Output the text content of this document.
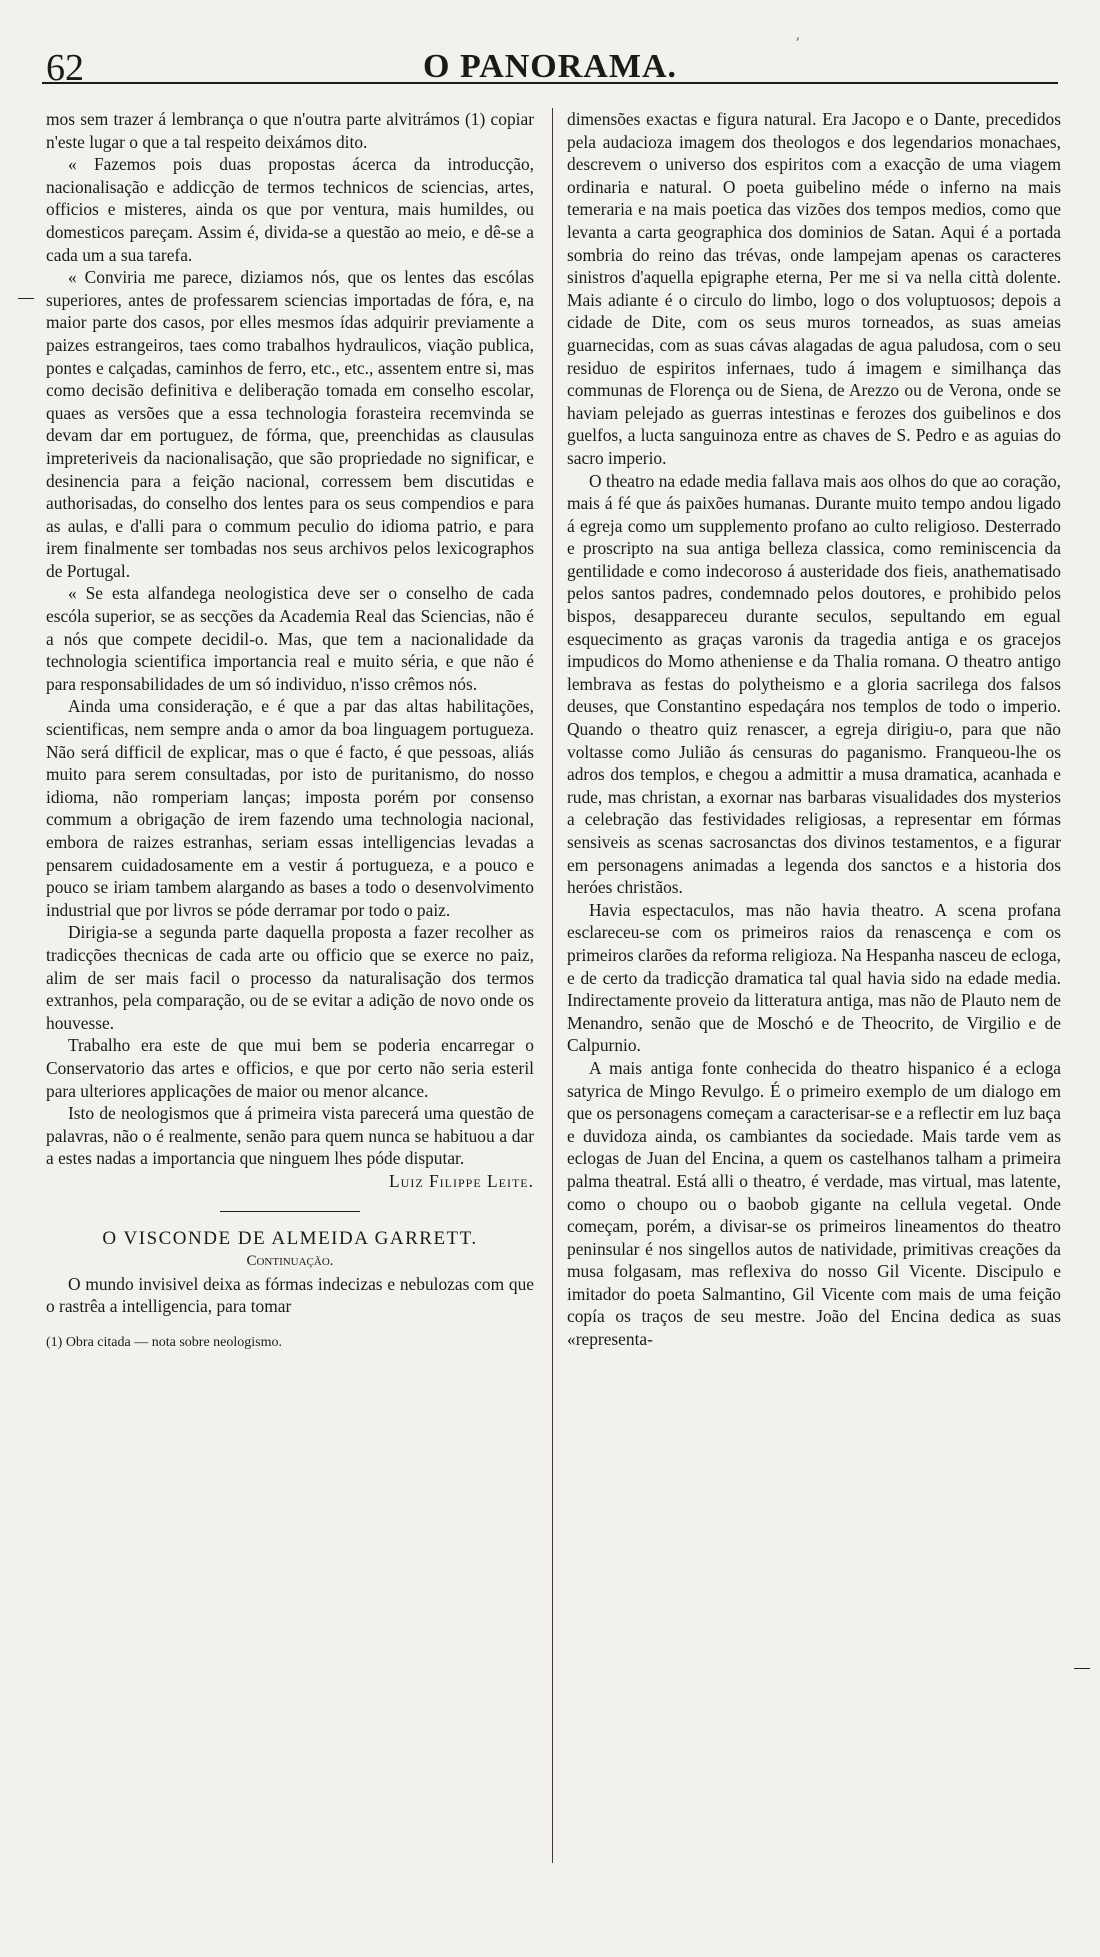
62	O PANORAMA.
ʼ

mos sem trazer á lembrança o que n'outra parte alvitrámos (1) copiar n'este lugar o que a tal respeito deixámos dito.

« Fazemos pois duas propostas ácerca da introducção, nacionalisação e addicção de termos technicos de sciencias, artes, officios e misteres, ainda os que por ventura, mais humildes, ou domesticos pareçam. Assim é, divida-se a questão ao meio, e dê-se a cada um a sua tarefa.

« Conviria me parece, diziamos nós, que os lentes das escólas superiores, antes de professarem sciencias importadas de fóra, e, na maior parte dos casos, por elles mesmos ídas adquirir previamente a paizes estrangeiros, taes como trabalhos hydraulicos, viação publica, pontes e calçadas, caminhos de ferro, etc., etc., assentem entre si, mas como decisão definitiva e deliberação tomada em conselho escolar, quaes as versões que a essa technologia forasteira recemvinda se devam dar em portuguez, de fórma, que, preenchidas as clausulas impreteriveis da nacionalisação, que são propriedade no significar, e desinencia para a feição nacional, corressem bem discutidas e authorisadas, do conselho dos lentes para os seus compendios e para as aulas, e d'alli para o commum peculio do idioma patrio, e para irem finalmente ser tombadas nos seus archivos pelos lexicographos de Portugal.

« Se esta alfandega neologistica deve ser o conselho de cada escóla superior, se as secções da Academia Real das Sciencias, não é a nós que compete decidil-o. Mas, que tem a nacionalidade da technologia scientifica importancia real e muito séria, e que não é para responsabilidades de um só individuo, n'isso crêmos nós.

Ainda uma consideração, e é que a par das altas habilitações, scientificas, nem sempre anda o amor da boa linguagem portugueza. Não será difficil de explicar, mas o que é facto, é que pessoas, aliás muito para serem consultadas, por isto de puritanismo, do nosso idioma, não romperiam lanças; imposta porém por consenso commum a obrigação de irem fazendo uma technologia nacional, embora de raizes estranhas, seriam essas intelligencias levadas a pensarem cuidadosamente em a vestir á portugueza, e a pouco e pouco se iriam tambem alargando as bases a todo o desenvolvimento industrial que por livros se póde derramar por todo o paiz.

Dirigia-se a segunda parte daquella proposta a fazer recolher as tradicções thecnicas de cada arte ou officio que se exerce no paiz, alim de ser mais facil o processo da naturalisação dos termos extranhos, pela comparação, ou de se evitar a adição de novo onde os houvesse.

Trabalho era este de que mui bem se poderia encarregar o Conservatorio das artes e officios, e que por certo não seria esteril para ulteriores applicações de maior ou menor alcance.

Isto de neologismos que á primeira vista parecerá uma questão de palavras, não o é realmente, senão para quem nunca se habituou a dar a estes nadas a importancia que ninguem lhes póde disputar.

Luiz Filippe Leite.

O VISCONDE DE ALMEIDA GARRETT.

Continuação.

O mundo invisivel deixa as fórmas indecizas e nebulozas com que o rastrêa a intelligencia, para tomar

(1) Obra citada — nota sobre neologismo.

dimensões exactas e figura natural. Era Jacopo e o Dante, precedidos pela audacioza imagem dos theologos e dos legendarios monachaes, descrevem o universo dos espiritos com a exacção de uma viagem ordinaria e natural. O poeta guibelino méde o inferno na mais temeraria e na mais poetica das vizões dos tempos medios, como que levanta a carta geographica dos dominios de Satan. Aqui é a portada sombria do reino das trévas, onde lampejam apenas os caracteres sinistros d'aquella epigraphe eterna, Per me si va nella città dolente. Mais adiante é o circulo do limbo, logo o dos voluptuosos; depois a cidade de Dite, com os seus muros torneados, as suas ameias guarnecidas, com as suas cávas alagadas de agua paludosa, com o seu residuo de espiritos infernaes, tudo á imagem e similhança das communas de Florença ou de Siena, de Arezzo ou de Verona, onde se haviam pelejado as guerras intestinas e ferozes dos guibelinos e dos guelfos, a lucta sanguinoza entre as chaves de S. Pedro e as aguias do sacro imperio.

O theatro na edade media fallava mais aos olhos do que ao coração, mais á fé que ás paixões humanas. Durante muito tempo andou ligado á egreja como um supplemento profano ao culto religioso. Desterrado e proscripto na sua antiga belleza classica, como reminiscencia da gentilidade e como indecoroso á austeridade dos fieis, anathematisado pelos santos padres, condemnado pelos doutores, e prohibido pelos bispos, desappareceu durante seculos, sepultando em egual esquecimento as graças varonis da tragedia antiga e os gracejos impudicos do Momo atheniense e da Thalia romana. O theatro antigo lembrava as festas do polytheismo e a gloria sacrilega dos falsos deuses, que Constantino espedaçára nos templos de todo o imperio. Quando o theatro quiz renascer, a egreja dirigiu-o, para que não voltasse como Julião ás censuras do paganismo. Franqueou-lhe os adros dos templos, e chegou a admittir a musa dramatica, acanhada e rude, mas christan, a exornar nas barbaras visualidades dos mysterios a celebração das festividades religiosas, a representar em fórmas sensiveis as scenas sacrosanctas dos divinos testamentos, e a figurar em personagens animadas a legenda dos sanctos e a historia dos heróes christãos.

Havia espectaculos, mas não havia theatro. A scena profana esclareceu-se com os primeiros raios da renascença e com os primeiros clarões da reforma religioza. Na Hespanha nasceu de ecloga, e de certo da tradicção dramatica tal qual havia sido na edade media. Indirectamente proveio da litteratura antiga, mas não de Plauto nem de Menandro, senão que de Moschó e de Theocrito, de Virgilio e de Calpurnio.

A mais antiga fonte conhecida do theatro hispanico é a ecloga satyrica de Mingo Revulgo. É o primeiro exemplo de um dialogo em que os personagens começam a caracterisar-se e a reflectir em luz baça e duvidoza ainda, os cambiantes da sociedade. Mais tarde vem as eclogas de Juan del Encina, a quem os castelhanos talham a primeira palma theatral. Está alli o theatro, é verdade, mas virtual, mas latente, como o choupo ou o baobob gigante na cellula vegetal. Onde começam, porém, a divisar-se os primeiros lineamentos do theatro peninsular é nos singellos autos de natividade, primitivas creações da musa folgasam, mas reflexiva do nosso Gil Vicente. Discipulo e imitador do poeta Salmantino, Gil Vicente com mais de uma feição copía os traços de seu mestre. João del Encina dedica as suas «representa-
